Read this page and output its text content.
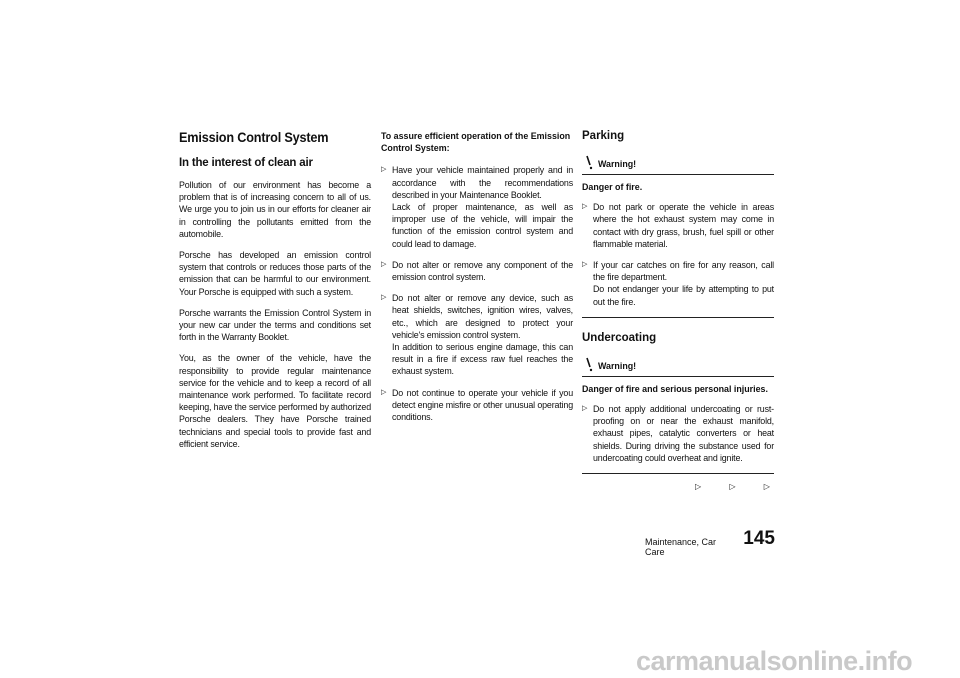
Emission Control System
In the interest of clean air

Pollution of our environment has become a problem that is of increasing concern to all of us. We urge you to join us in our efforts for cleaner air in controlling the pollutants emitted from the automobile.

Porsche has developed an emission control system that controls or reduces those parts of the emission that can be harmful to our environment. Your Porsche is equipped with such a system.

Porsche warrants the Emission Control System in your new car under the terms and conditions set forth in the Warranty Booklet.

You, as the owner of the vehicle, have the responsibility to provide regular maintenance service for the vehicle and to keep a record of all maintenance work performed. To facilitate record keeping, have the service performed by authorized Porsche dealers. They have Porsche trained technicians and special tools to provide fast and efficient service.

To assure efficient operation of the Emission Control System:
▷ Have your vehicle maintained properly and in accordance with the recommendations described in your Maintenance Booklet.
Lack of proper maintenance, as well as improper use of the vehicle, will impair the function of the emission control system and could lead to damage.
▷ Do not alter or remove any component of the emission control system.
▷ Do not alter or remove any device, such as heat shields, switches, ignition wires, valves, etc., which are designed to protect your vehicle's emission control system.
In addition to serious engine damage, this can result in a fire if excess raw fuel reaches the exhaust system.
▷ Do not continue to operate your vehicle if you detect engine misfire or other unusual operating conditions.
Parking
Warning!
Danger of fire.
▷ Do not park or operate the vehicle in areas where the hot exhaust system may come in contact with dry grass, brush, fuel spill or other flammable material.
▷ If your car catches on fire for any reason, call the fire department.
Do not endanger your life by attempting to put out the fire.
Undercoating
Warning!
Danger of fire and serious personal injuries.
▷ Do not apply additional undercoating or rust-proofing on or near the exhaust manifold, exhaust pipes, catalytic converters or heat shields. During driving the substance used for undercoating could overheat and ignite.
▷ ▷ ▷
Maintenance, Car Care
145
carmanualsonline.info
